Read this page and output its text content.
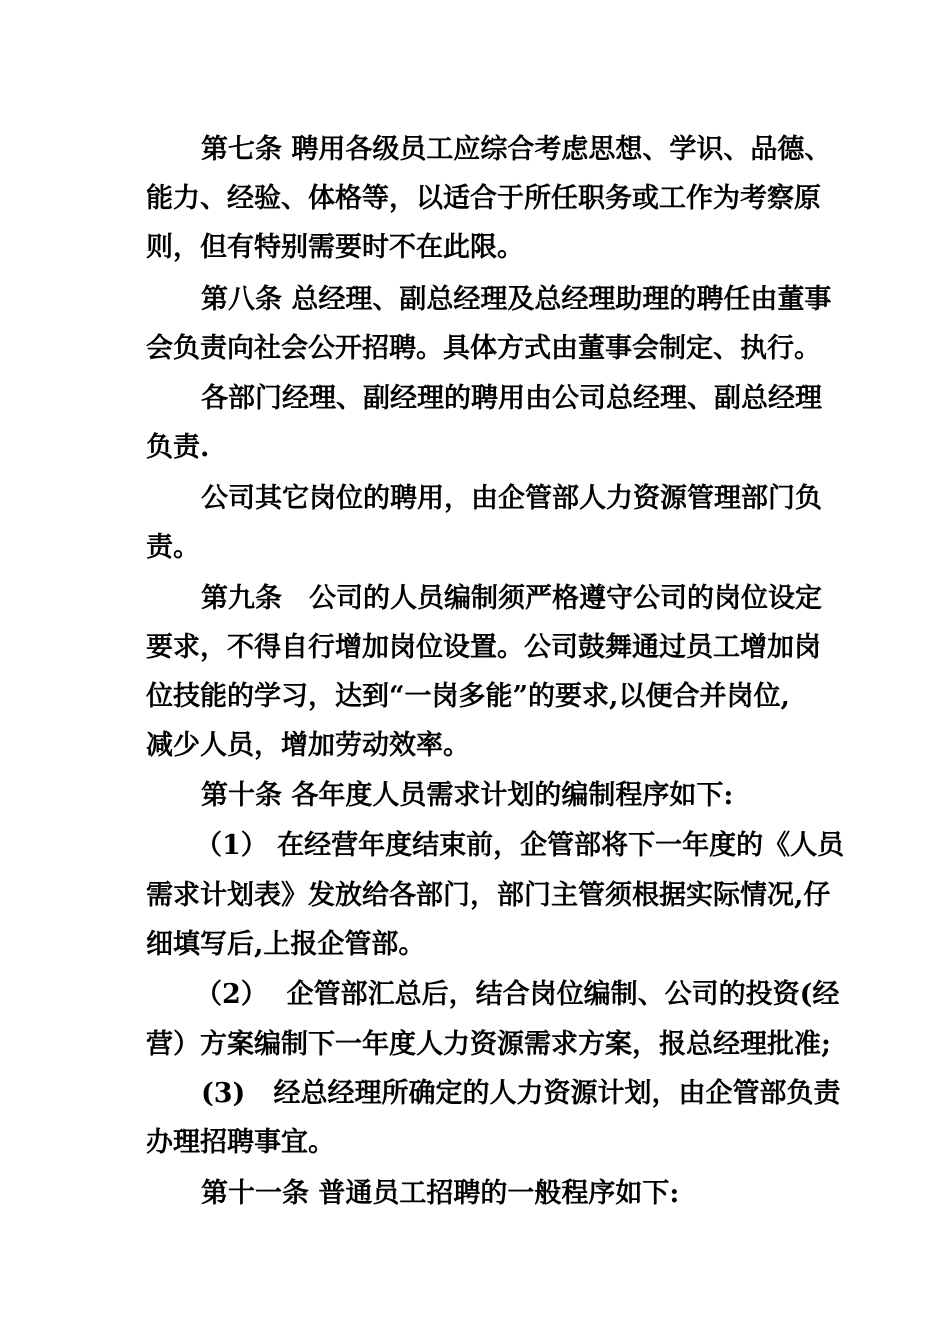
第七条 聘用各级员工应综合考虑思想、学识、品德、
能力、经验、体格等，以适合于所任职务或工作为考察原
则，但有特别需要时不在此限。
第八条 总经理、副总经理及总经理助理的聘任由董事
会负责向社会公开招聘。具体方式由董事会制定、执行。
各部门经理、副经理的聘用由公司总经理、副总经理
负责.
公司其它岗位的聘用，由企管部人力资源管理部门负
责。
第九条　公司的人员编制须严格遵守公司的岗位设定
要求，不得自行增加岗位设置。公司鼓舞通过员工增加岗
位技能的学习，达到“一岗多能”的要求,以便合并岗位,
减少人员，增加劳动效率。
第十条 各年度人员需求计划的编制程序如下:
（1） 在经营年度结束前，企管部将下一年度的《人员
需求计划表》发放给各部门，部门主管须根据实际情况,仔
细填写后,上报企管部。
（2）  企管部汇总后，结合岗位编制、公司的投资(经
营）方案编制下一年度人力资源需求方案，报总经理批准;
(3)   经总经理所确定的人力资源计划，由企管部负责
办理招聘事宜。
第十一条 普通员工招聘的一般程序如下:
